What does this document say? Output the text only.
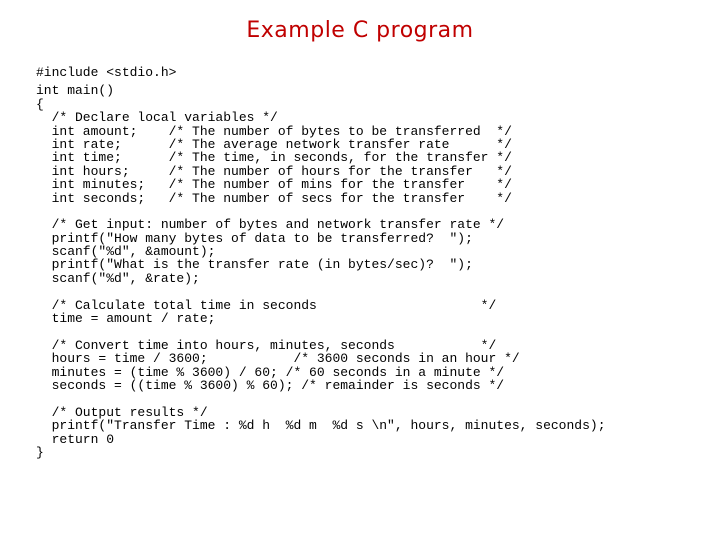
Example C program
#include <stdio.h>
int main()
{
/* Declare local variables */
int amount;    /* The number of bytes to be transferred  */
int rate;      /* The average network transfer rate      */
int time;      /* The time, in seconds, for the transfer */
int hours;     /* The number of hours for the transfer   */
int minutes;   /* The number of mins for the transfer    */
int seconds;   /* The number of secs for the transfer    */
/* Get input: number of bytes and network transfer rate */
printf("How many bytes of data to be transferred?  ");
scanf("%d", &amount);
printf("What is the transfer rate (in bytes/sec)?  ");
scanf("%d", &rate);
/* Calculate total time in seconds                     */
time = amount / rate;
/* Convert time into hours, minutes, seconds           */
hours = time / 3600;           /* 3600 seconds in an hour */
minutes = (time % 3600) / 60; /* 60 seconds in a minute */
seconds = ((time % 3600) % 60); /* remainder is seconds */
/* Output results */
printf("Transfer Time : %d h  %d m  %d s \n", hours, minutes, seconds);
return 0
}
